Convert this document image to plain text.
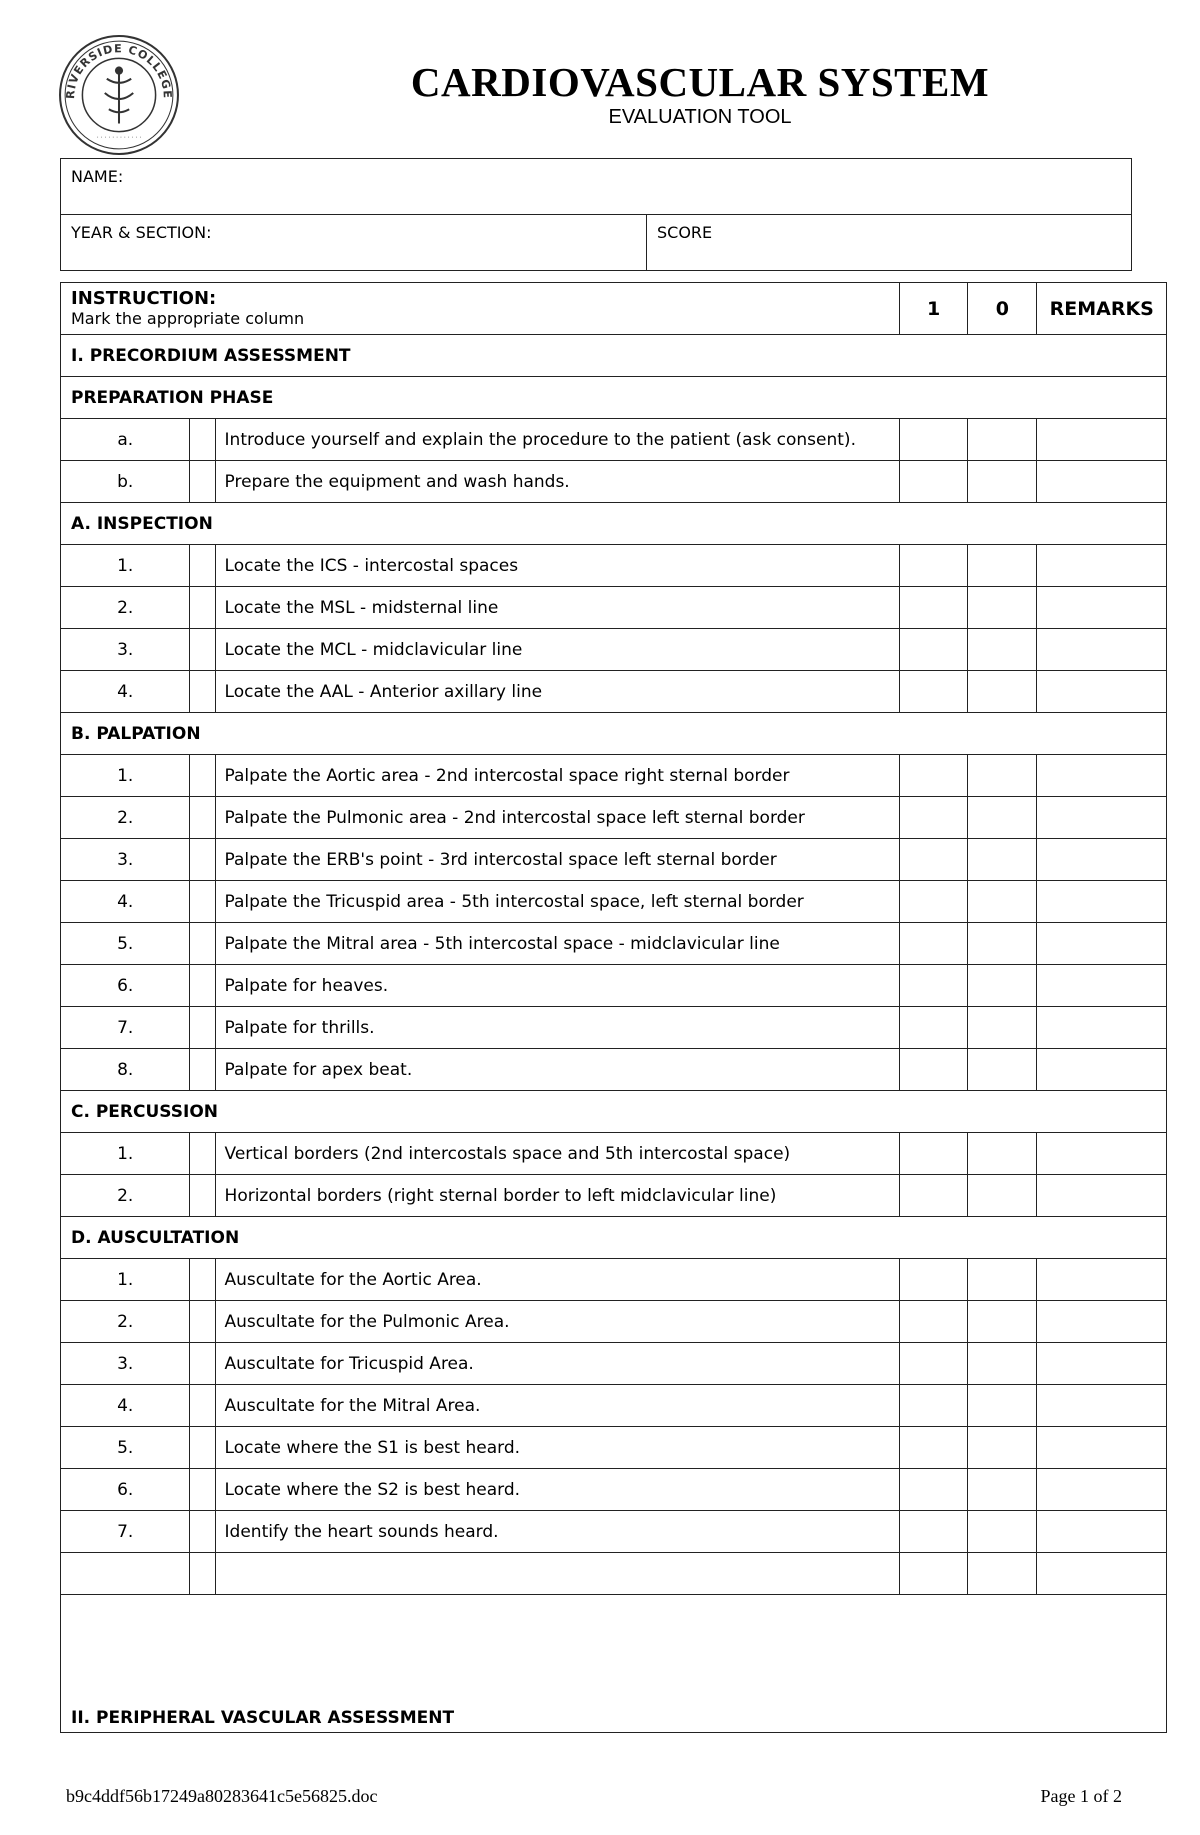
RIVERSIDE COLLEGE
· · · · · · · · · · · ·
CARDIOVASCULAR SYSTEM
EVALUATION TOOL
NAME:
YEAR & SECTION:	SCORE
INSTRUCTION:
Mark the appropriate column			1	0	REMARKS
I. PRECORDIUM ASSESSMENT					
PREPARATION PHASE					
a.		Introduce yourself and explain the procedure to the patient (ask consent).			
b.		Prepare the equipment and wash hands.			
A. INSPECTION					
1.		Locate the ICS - intercostal spaces			
2.		Locate the MSL - midsternal line			
3.		Locate the MCL - midclavicular line			
4.		Locate the AAL - Anterior axillary line			
B. PALPATION					
1.		Palpate the Aortic area - 2nd intercostal space right sternal border			
2.		Palpate the Pulmonic area - 2nd intercostal space left sternal border			
3.		Palpate the ERB's point - 3rd intercostal space left sternal border			
4.		Palpate the Tricuspid area - 5th intercostal space, left sternal border			
5.		Palpate the Mitral area - 5th intercostal space - midclavicular line			
6.		Palpate for heaves.			
7.		Palpate for thrills.			
8.		Palpate for apex beat.			
C. PERCUSSION					
1.		Vertical borders (2nd intercostals space and 5th intercostal space)			
2.		Horizontal borders (right sternal border to left midclavicular line)			
D. AUSCULTATION					
1.		Auscultate for the Aortic Area.			
2.		Auscultate for the Pulmonic Area.			
3.		Auscultate for Tricuspid Area.			
4.		Auscultate for the Mitral Area.			
5.		Locate where the S1 is best heard.			
6.		Locate where the S2 is best heard.			
7.		Identify the heart sounds heard.			

II. PERIPHERAL VASCULAR ASSESSMENT					
b9c4ddf56b17249a80283641c5e56825.doc	Page 1 of 2
